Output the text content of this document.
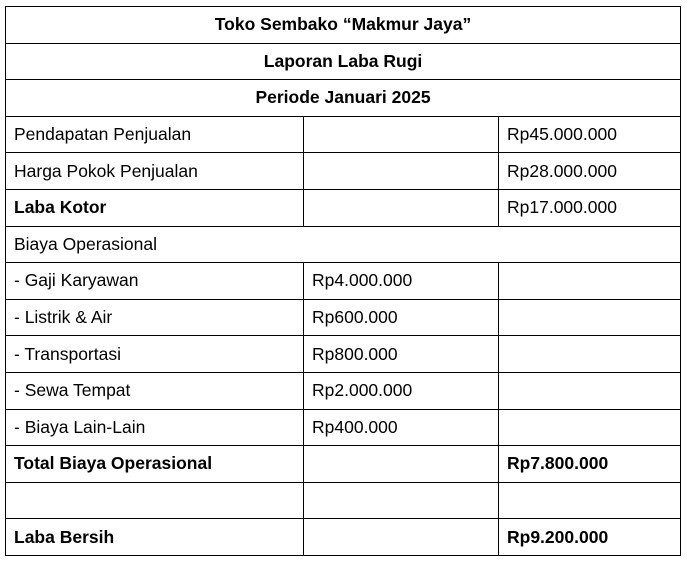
Toko Sembako “Makmur Jaya”		
Laporan Laba Rugi		
Periode Januari 2025		
Pendapatan Penjualan		Rp45.000.000
Harga Pokok Penjualan		Rp28.000.000
Laba Kotor		Rp17.000.000
Biaya Operasional		
- Gaji Karyawan	Rp4.000.000	
- Listrik & Air	Rp600.000	
- Transportasi	Rp800.000	
- Sewa Tempat	Rp2.000.000	
- Biaya Lain-Lain	Rp400.000	
Total Biaya Operasional		Rp7.800.000

Laba Bersih		Rp9.200.000
